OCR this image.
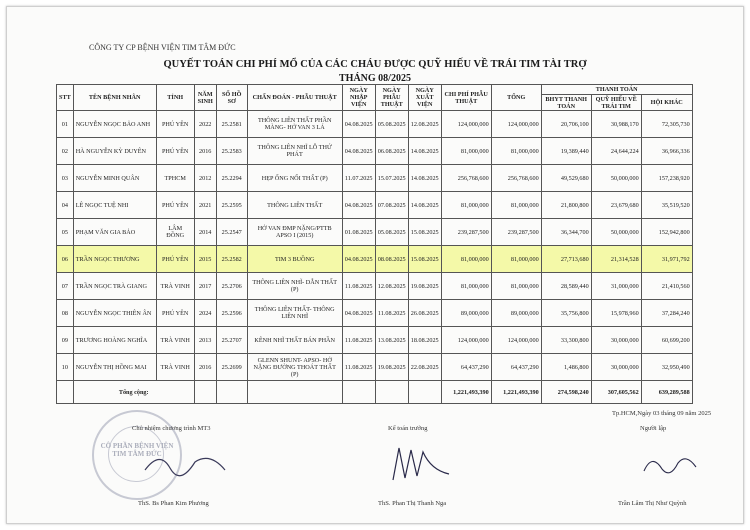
CÔNG TY CP BỆNH VIỆN TIM TÂM ĐỨC
QUYẾT TOÁN CHI PHÍ MỔ CỦA CÁC CHÁU ĐƯỢC QUỸ HIẾU VỀ TRÁI TIM TÀI TRỢ
THÁNG 08/2025
STT	TÊN BỆNH NHÂN	TỈNH	NĂM SINH	SỐ HỒ SƠ	CHẨN ĐOÁN - PHẪU THUẬT	NGÀY NHẬP VIỆN	NGÀY PHẪU THUẬT	NGÀY XUẤT VIỆN	CHI PHÍ PHẪU THUẬT	TỔNG	THANH TOÁN		
											BHYT THANH TOÁN	QUỸ HIẾU VỀ TRÁI TIM	HỘI KHÁC
01	NGUYỄN NGỌC BẢO ANH	PHÚ YÊN	2022	25.2581	THÔNG LIÊN THẤT PHẦN MÀNG- HỞ VAN 3 LÁ	04.08.2025	05.08.2025	12.08.2025	124,000,000	124,000,000	20,706,100	30,988,170	72,305,730
02	HÀ NGUYỄN KỲ DUYÊN	PHÚ YÊN	2016	25.2583	THÔNG LIÊN NHĨ LỖ THỨ PHÁT	04.08.2025	06.08.2025	14.08.2025	81,000,000	81,000,000	19,389,440	24,644,224	36,966,336
03	NGUYỄN MINH QUÂN	TPHCM	2012	25.2294	HẸP ỐNG NỐI THẤT (P)	11.07.2025	15.07.2025	14.08.2025	256,768,600	256,768,600	49,529,680	50,000,000	157,238,920
04	LÊ NGỌC TUỆ NHI	PHÚ YÊN	2021	25.2595	THÔNG LIÊN THẤT	04.08.2025	07.08.2025	14.08.2025	81,000,000	81,000,000	21,800,800	23,679,680	35,519,520
05	PHẠM VĂN GIA BẢO	LÂM ĐỒNG	2014	25.2547	HỞ VAN ĐMP NẶNG/PTTB APSO I (2015)	01.08.2025	05.08.2025	15.08.2025	239,287,500	239,287,500	36,344,700	50,000,000	152,942,800
06	TRẦN NGỌC THƯƠNG	PHÚ YÊN	2015	25.2582	TIM 3 BUỒNG	04.08.2025	08.08.2025	15.08.2025	81,000,000	81,000,000	27,713,680	21,314,528	31,971,792
07	TRẦN NGỌC TRÀ GIANG	TRÀ VINH	2017	25.2706	THÔNG LIÊN NHĨ- DẪN THẤT (P)	11.08.2025	12.08.2025	19.08.2025	81,000,000	81,000,000	28,589,440	31,000,000	21,410,560
08	NGUYỄN NGỌC THIÊN ÂN	PHÚ YÊN	2024	25.2596	THÔNG LIÊN THẤT- THÔNG LIÊN NHĨ	04.08.2025	11.08.2025	26.08.2025	89,000,000	89,000,000	35,756,800	15,978,960	37,284,240
09	TRƯƠNG HOÀNG NGHĨA	TRÀ VINH	2013	25.2707	KÊNH NHĨ THẤT BÁN PHẦN	11.08.2025	13.08.2025	18.08.2025	124,000,000	124,000,000	33,300,800	30,000,000	60,699,200
10	NGUYỄN THỊ HỒNG MAI	TRÀ VINH	2016	25.2699	GLENN SHUNT- APSO- HỞ NẶNG ĐƯỜNG THOÁT THẤT (P)	11.08.2025	19.08.2025	22.08.2025	64,437,290	64,437,290	1,486,800	30,000,000	32,950,490
	Tổng cộng:								1,221,493,390	1,221,493,390	274,598,240	307,605,562	639,289,588
CÔ PHẦN BỆNH VIỆN TIM TÂM ĐỨC
Chủ nhiệm chương trình MT3
ThS. Bs Phan Kim Phương
Kế toán trưởng
ThS. Phan Thị Thanh Nga
Tp.HCM,Ngày 03 tháng 09 năm 2025
Người lập
Trần Lâm Thị Như Quỳnh
